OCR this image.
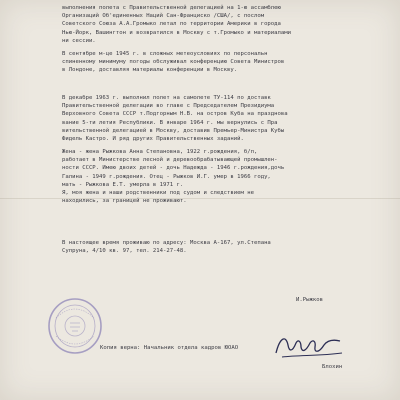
выполнения полета с Правительственной делегацией на 1-ю ассамблею
Организаций Об'единенных Наций Сан-Франциско /США/, с послом
Советского Союза А.А.Громыко летал по территории Америки в города
Нью-Йорк, Вашингтон и возвратился в Москву с т.Громыко и материалами
ни сессии.
В сентябре м-це 1945 г. в сложных метеоусловиях по персональн
спиненному минимуму погоды обслуживал конференцию Совета Министров
в Лондоне, доставляя материалы конференции в Москву.
В декабре 1963 г. выполнил полет на самолете ТУ-114 по доставк
Правительственной делегации во главе с Председателем Президиума
Верховного Совета СССР т.Подгорным Н.В. на остров Куба на празднова
вание 5-ти летия Республики. В январе 1964 г. мы вернулись с Пра
вительственной делегацией в Москву, доставив Премьер-Министра Кубы
Фидель Кастро. И ряд других Правительственных заданий.
Жена - жена Рыжкова Анна Степановна, 1922 г.рождения, б/п,
работает в Министерстве лесной и деревообрабатывающей промышлен-
ности СССР. Имею двоих детей - дочь Надежда - 1946 г.рождения,дочь
Галина - 1949 г.рождения. Отец - Рыжков И.Г. умер в 1966 году,
мать - Рыжкова Е.Т. умерла в 1971 г.
Я, моя жена и наши родственники под судом и следствием не
находились, за границей не проживают.
В настоящее время проживаю по адресу: Москва А-167, ул.Степана
Супруна, 4/10 кв. 97, тел. 214-27-48.
И.Рыжков
Копия верна: Начальник отдела кадров ЮОАО
Блохин
